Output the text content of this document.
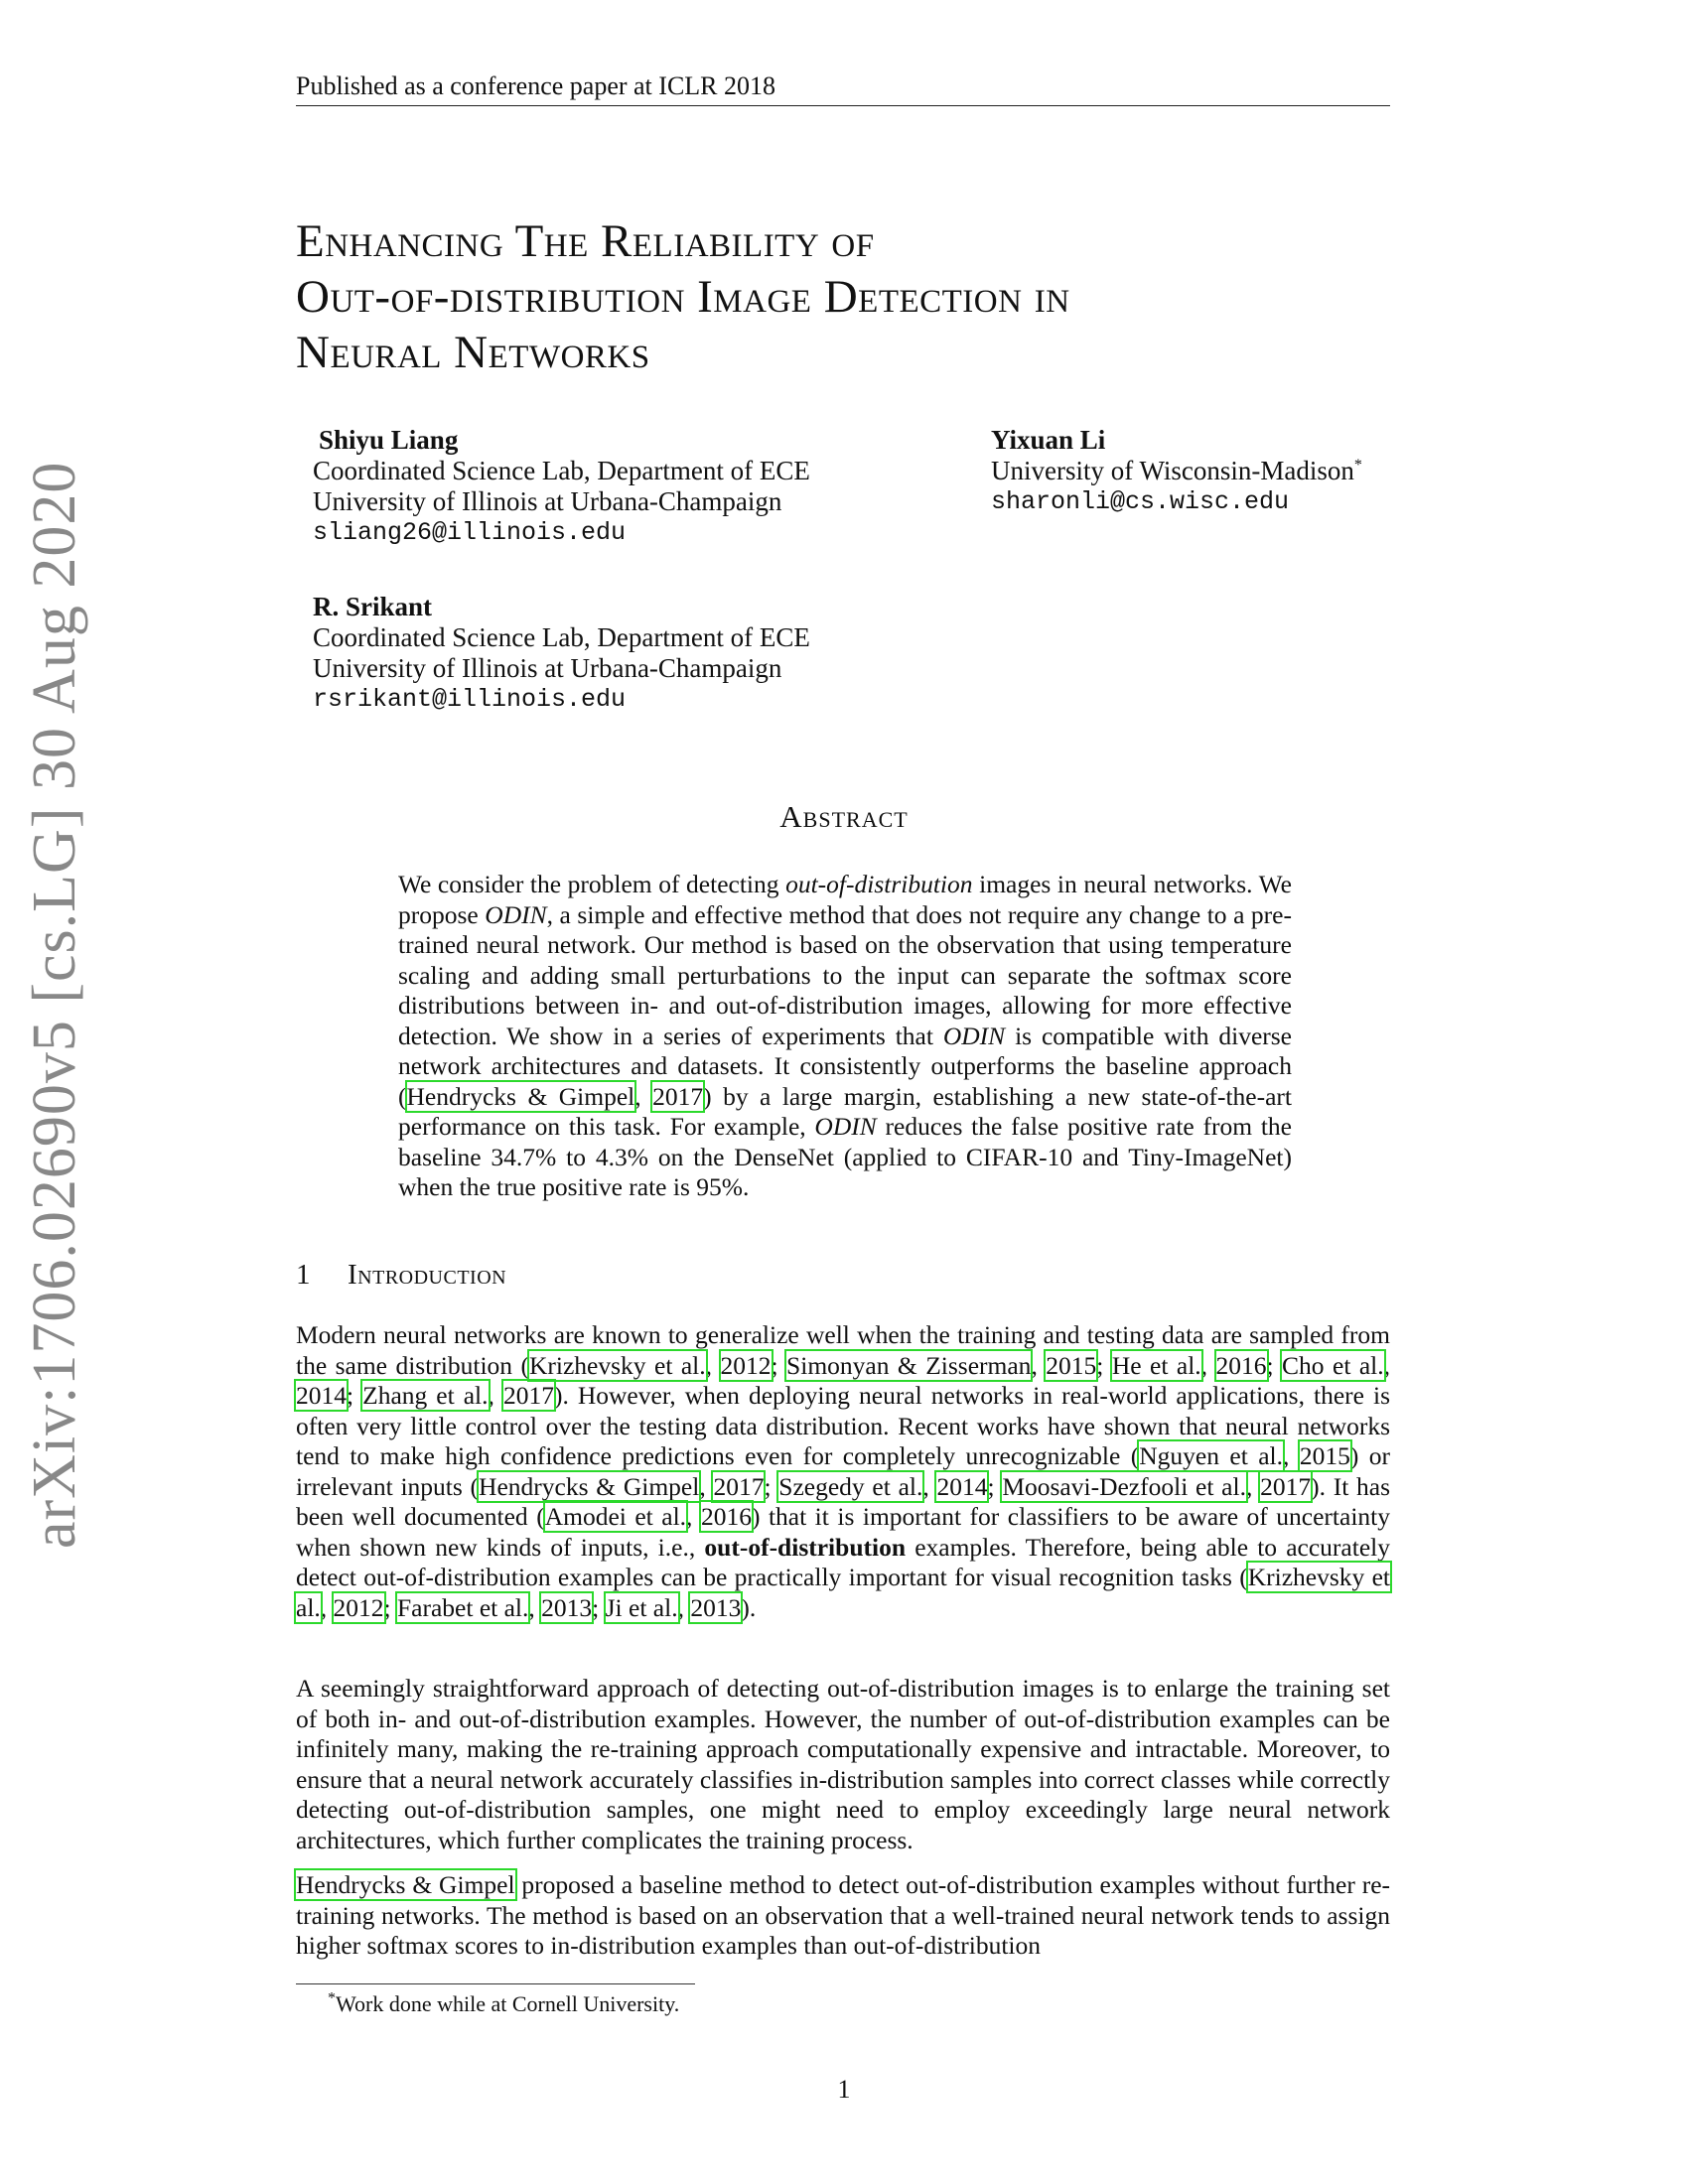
Published as a conference paper at ICLR 2018
Enhancing The Reliability of
Out-of-distribution Image Detection in
Neural Networks
Shiyu Liang
Coordinated Science Lab, Department of ECE
University of Illinois at Urbana-Champaign
sliang26@illinois.edu
Yixuan Li
University of Wisconsin-Madison*
sharonli@cs.wisc.edu
R. Srikant
Coordinated Science Lab, Department of ECE
University of Illinois at Urbana-Champaign
rsrikant@illinois.edu
Abstract
We consider the problem of detecting out-of-distribution images in neural networks. We propose ODIN, a simple and effective method that does not require any change to a pre-trained neural network. Our method is based on the observation that using temperature scaling and adding small perturbations to the input can separate the softmax score distributions between in- and out-of-distribution images, allowing for more effective detection. We show in a series of experiments that ODIN is compatible with diverse network architectures and datasets. It consistently outperforms the baseline approach (Hendrycks & Gimpel, 2017) by a large margin, establishing a new state-of-the-art performance on this task. For example, ODIN reduces the false positive rate from the baseline 34.7% to 4.3% on the DenseNet (applied to CIFAR-10 and Tiny-ImageNet) when the true positive rate is 95%.
1 Introduction
Modern neural networks are known to generalize well when the training and testing data are sampled from the same distribution (Krizhevsky et al., 2012; Simonyan & Zisserman, 2015; He et al., 2016; Cho et al., 2014; Zhang et al., 2017). However, when deploying neural networks in real-world applications, there is often very little control over the testing data distribution. Recent works have shown that neural networks tend to make high confidence predictions even for completely unrecognizable (Nguyen et al., 2015) or irrelevant inputs (Hendrycks & Gimpel, 2017; Szegedy et al., 2014; Moosavi-Dezfooli et al., 2017). It has been well documented (Amodei et al., 2016) that it is important for classifiers to be aware of uncertainty when shown new kinds of inputs, i.e., out-of-distribution examples. Therefore, being able to accurately detect out-of-distribution examples can be practically important for visual recognition tasks (Krizhevsky et al., 2012; Farabet et al., 2013; Ji et al., 2013).
A seemingly straightforward approach of detecting out-of-distribution images is to enlarge the training set of both in- and out-of-distribution examples. However, the number of out-of-distribution examples can be infinitely many, making the re-training approach computationally expensive and intractable. Moreover, to ensure that a neural network accurately classifies in-distribution samples into correct classes while correctly detecting out-of-distribution samples, one might need to employ exceedingly large neural network architectures, which further complicates the training process.
Hendrycks & Gimpel proposed a baseline method to detect out-of-distribution examples without further re-training networks. The method is based on an observation that a well-trained neural network tends to assign higher softmax scores to in-distribution examples than out-of-distribution
*Work done while at Cornell University.
1
arXiv:1706.02690v5 [cs.LG] 30 Aug 2020
